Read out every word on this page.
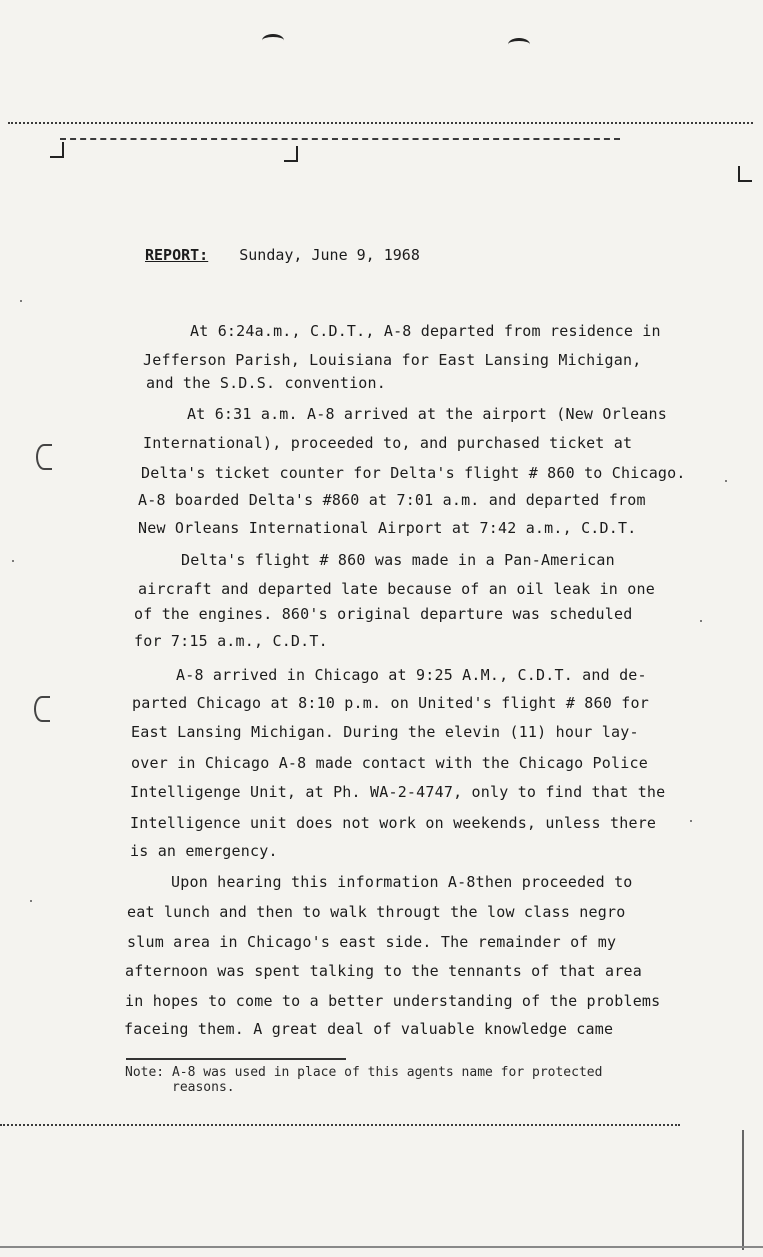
REPORT: Sunday, June 9, 1968
At 6:24a.m., C.D.T., A-8 departed from residence in
Jefferson Parish, Louisiana for East Lansing Michigan,
and the S.D.S. convention.
At 6:31 a.m. A-8 arrived at the airport (New Orleans
International), proceeded to, and purchased ticket at
Delta's ticket counter for Delta's flight # 860 to Chicago.
A-8 boarded Delta's #860 at 7:01 a.m. and departed from
New Orleans International Airport at 7:42 a.m., C.D.T.
Delta's flight # 860 was made in a Pan-American
aircraft and departed late because of an oil leak in one
of the engines. 860's original departure was scheduled
for 7:15 a.m., C.D.T.
A-8 arrived in Chicago at 9:25 A.M., C.D.T. and de-
parted Chicago at 8:10 p.m. on United's flight # 860 for
East Lansing Michigan. During the elevin (11) hour lay-
over in Chicago A-8 made contact with the Chicago Police
Intelligenge Unit, at Ph. WA-2-4747, only to find that the
Intelligence unit does not work on weekends, unless there
is an emergency.
Upon hearing this information A-8then proceeded to
eat lunch and then to walk througt the low class negro
slum area in Chicago's east side. The remainder of my
afternoon was spent talking to the tennants of that area
in hopes to come to a better understanding of the problems
faceing them. A great deal of valuable knowledge came
Note: A-8 was used in place of this agents name for protected
reasons.
